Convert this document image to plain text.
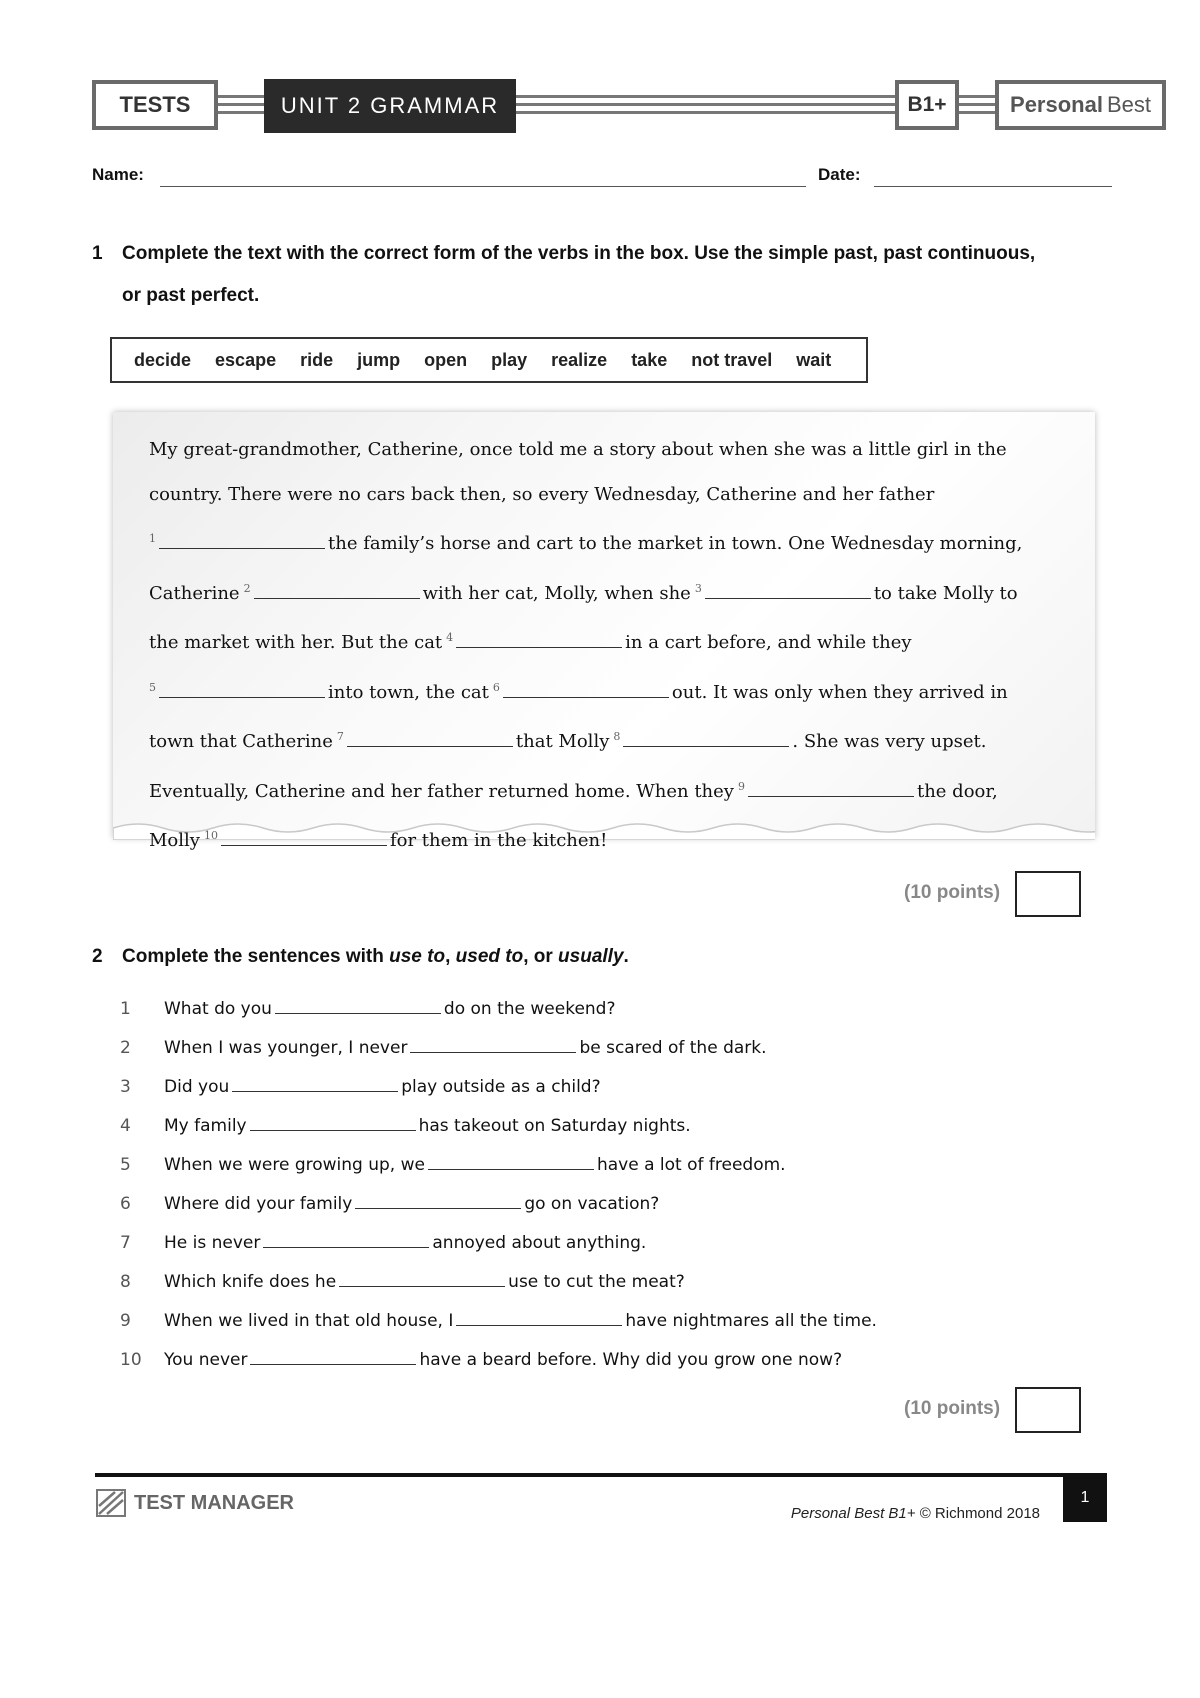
TESTS	UNIT 2 GRAMMAR	B1+	Personal Best
Name:	Date:
1 Complete the text with the correct form of the verbs in the box. Use the simple past, past continuous,
or past perfect.
decide escape ride jump open play realize take not travel wait
My great-grandmother, Catherine, once told me a story about when she was a little girl in the
country. There were no cars back then, so every Wednesday, Catherine and her father
$^1$	the family’s horse and cart to the market in town. One Wednesday morning,
Catherine $^2$	with her cat, Molly, when she $^3$	to take Molly to
the market with her. But the cat $^4$	in a cart before, and while they
$^5$	into town, the cat $^6$	out. It was only when they arrived in
town that Catherine $^7$	that Molly $^8$	. She was very upset.
Eventually, Catherine and her father returned home. When they $^9$	the door,
Molly $^{10}$	for them in the kitchen!
(10 points)
2 Complete the sentences with use to, used to, or usually.
1 What do you	do on the weekend?
2 When I was younger, I never	be scared of the dark.
3 Did you	play outside as a child?
4 My family	has takeout on Saturday nights.
5 When we were growing up, we	have a lot of freedom.
6 Where did your family	go on vacation?
7 He is never	annoyed about anything.
8 Which knife does he	use to cut the meat?
9 When we lived in that old house, I	have nightmares all the time.
10 You never	have a beard before. Why did you grow one now?
(10 points)
TEST MANAGER	Personal Best B1+ © Richmond 2018
1
